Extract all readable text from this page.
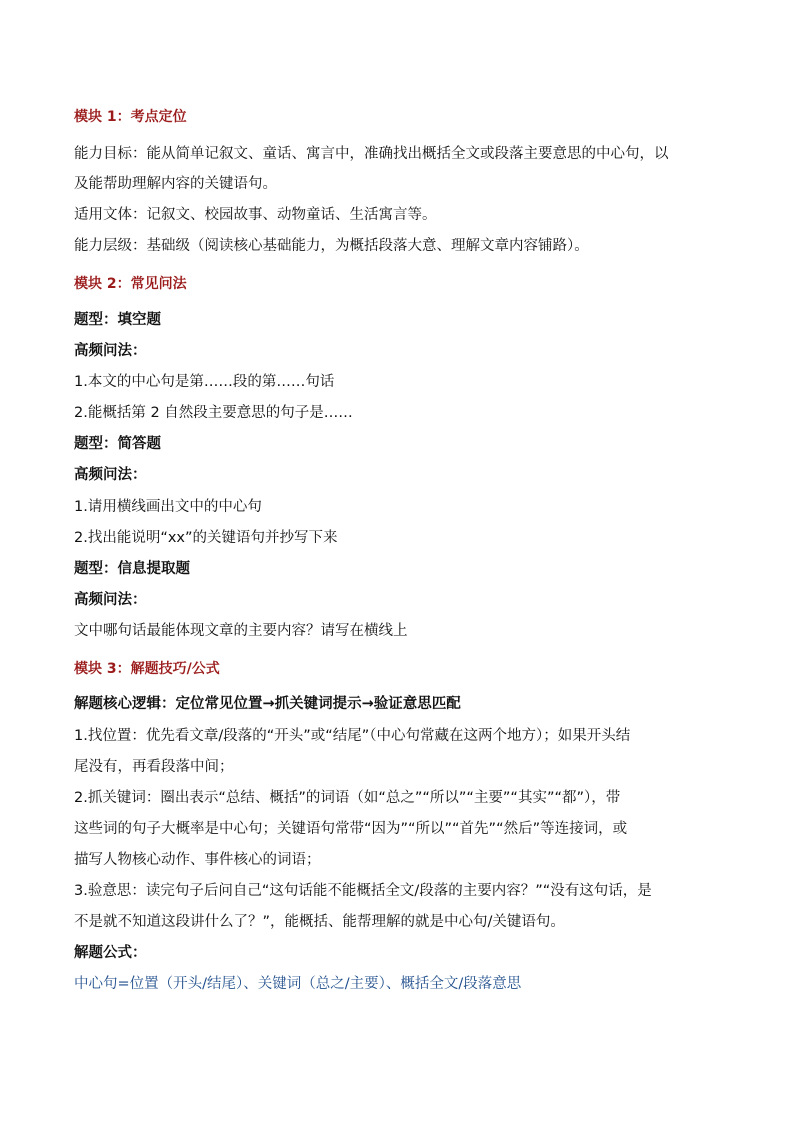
模块 1：考点定位
能力目标：能从简单记叙文、童话、寓言中，准确找出概括全文或段落主要意思的中心句，以
及能帮助理解内容的关键语句。
适用文体：记叙文、校园故事、动物童话、生活寓言等。
能力层级：基础级（阅读核心基础能力，为概括段落大意、理解文章内容铺路）。
模块 2：常见问法
题型：填空题
高频问法：
1.本文的中心句是第……段的第……句话
2.能概括第 2 自然段主要意思的句子是……
题型：简答题
高频问法：
1.请用横线画出文中的中心句
2.找出能说明“xx”的关键语句并抄写下来
题型：信息提取题
高频问法：
文中哪句话最能体现文章的主要内容？请写在横线上
模块 3：解题技巧/公式
解题核心逻辑：定位常见位置→抓关键词提示→验证意思匹配
1.找位置：优先看文章/段落的“开头”或“结尾”（中心句常藏在这两个地方）；如果开头结
尾没有，再看段落中间；
2.抓关键词：圈出表示“总结、概括”的词语（如“总之”“所以”“主要”“其实”“都”），带
这些词的句子大概率是中心句；关键语句常带“因为”“所以”“首先”“然后”等连接词，或
描写人物核心动作、事件核心的词语；
3.验意思：读完句子后问自己“这句话能不能概括全文/段落的主要内容？”“没有这句话，是
不是就不知道这段讲什么了？”，能概括、能帮理解的就是中心句/关键语句。
解题公式：
中心句=位置（开头/结尾）、关键词（总之/主要）、概括全文/段落意思
